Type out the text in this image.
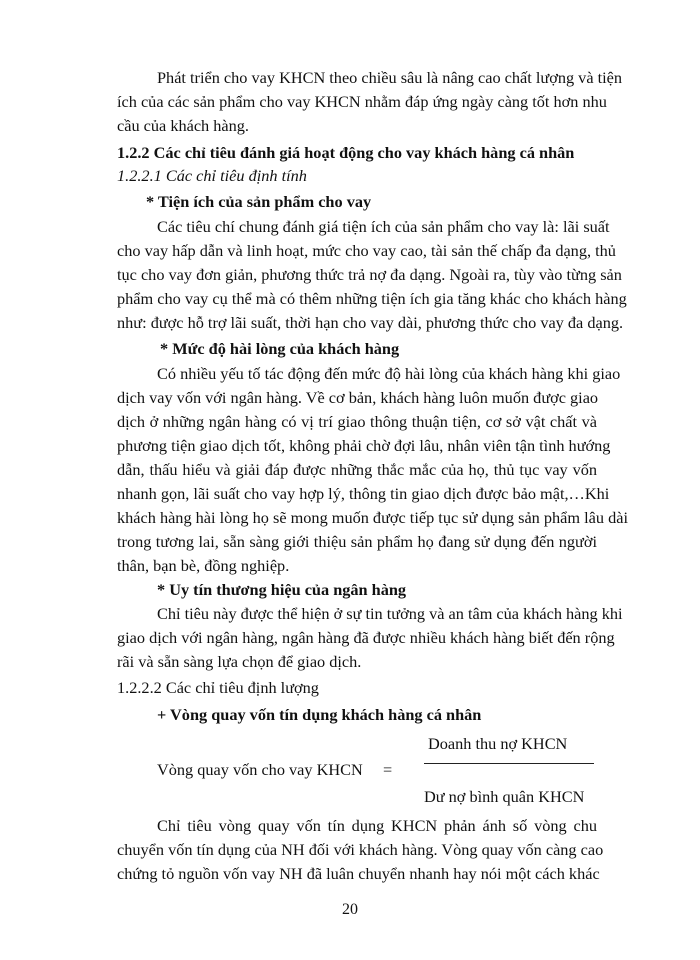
Phát triển cho vay KHCN theo chiều sâu là nâng cao chất lượng và tiện
ích của các sản phẩm cho vay KHCN nhằm đáp ứng ngày càng tốt hơn nhu
cầu của khách hàng.
1.2.2 Các chỉ tiêu đánh giá hoạt động cho vay khách hàng cá nhân
1.2.2.1 Các chỉ tiêu định tính
* Tiện ích của sản phẩm cho vay
Các tiêu chí chung đánh giá tiện ích của sản phẩm cho vay là: lãi suất
cho vay hấp dẫn và linh hoạt, mức cho vay cao, tài sản thế chấp đa dạng, thủ
tục cho vay đơn giản, phương thức trả nợ đa dạng. Ngoài ra, tùy vào từng sản
phẩm cho vay cụ thể mà có thêm những tiện ích gia tăng khác cho khách hàng
như: được hỗ trợ lãi suất, thời hạn cho vay dài, phương thức cho vay đa dạng.
* Mức độ hài lòng của khách hàng
Có nhiều yếu tố tác động đến mức độ hài lòng của khách hàng khi giao
dịch vay vốn với ngân hàng. Về cơ bản, khách hàng luôn muốn được giao
dịch ở những ngân hàng có vị trí giao thông thuận tiện, cơ sở vật chất và
phương tiện giao dịch tốt, không phải chờ đợi lâu, nhân viên tận tình hướng
dẫn, thấu hiểu và giải đáp được những thắc mắc của họ, thủ tục vay vốn
nhanh gọn, lãi suất cho vay hợp lý, thông tin giao dịch được bảo mật,…Khi
khách hàng hài lòng họ sẽ mong muốn được tiếp tục sử dụng sản phẩm lâu dài
trong tương lai, sẵn sàng giới thiệu sản phẩm họ đang sử dụng đến người
thân, bạn bè, đồng nghiệp.
* Uy tín thương hiệu của ngân hàng
Chỉ tiêu này được thể hiện ở sự tin tưởng và an tâm của khách hàng khi
giao dịch với ngân hàng, ngân hàng đã được nhiều khách hàng biết đến rộng
rãi và sẵn sàng lựa chọn để giao dịch.
1.2.2.2 Các chỉ tiêu định lượng
+ Vòng quay vốn tín dụng khách hàng cá nhân
Doanh thu nợ KHCN
Vòng quay vốn cho vay KHCN =
Dư nợ bình quân KHCN
Chỉ tiêu vòng quay vốn tín dụng KHCN phản ánh số vòng chu
chuyển vốn tín dụng của NH đối với khách hàng. Vòng quay vốn càng cao
chứng tỏ nguồn vốn vay NH đã luân chuyển nhanh hay nói một cách khác
20
